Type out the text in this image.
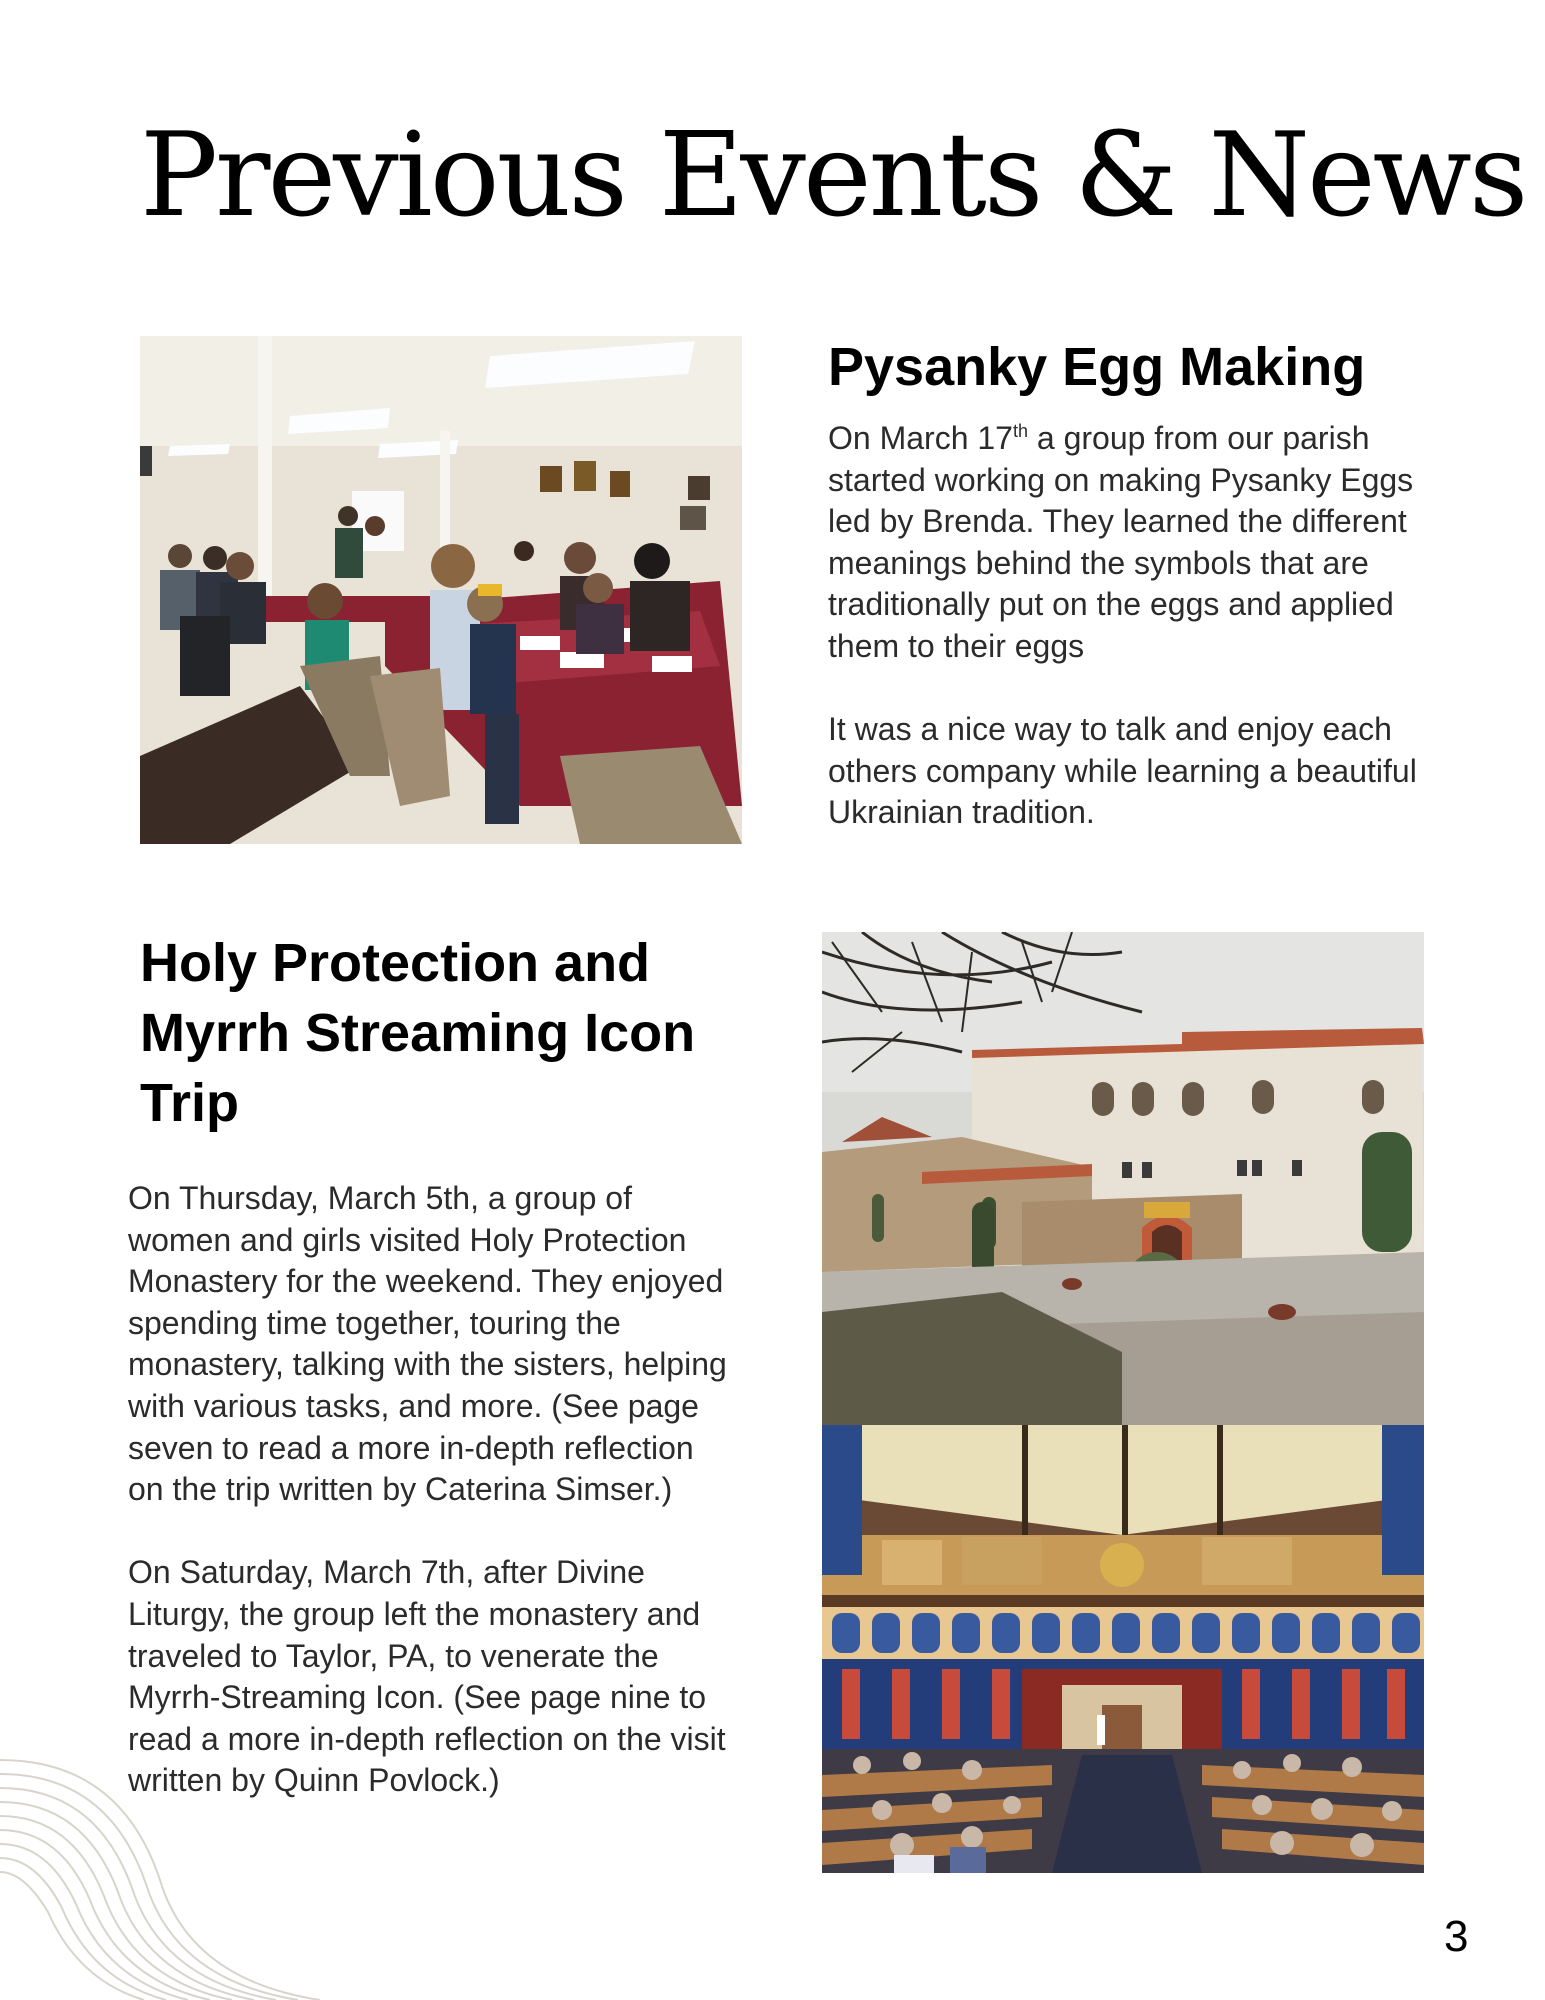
Previous Events & News
Pysanky Egg Making

On March 17th a group from our parish started working on making Pysanky Eggs led by Brenda. They learned the different meanings behind the symbols that are traditionally put on the eggs and applied them to their eggs

It was a nice way to talk and enjoy each others company while learning a beautiful Ukrainian tradition.

Holy Protection and Myrrh Streaming Icon Trip

On Thursday, March 5th, a group of women and girls visited Holy Protection Monastery for the weekend. They enjoyed spending time together, touring the monastery, talking with the sisters, helping with various tasks, and more. (See page seven to read a more in-depth reflection on the trip written by Caterina Simser.)

On Saturday, March 7th, after Divine Liturgy, the group left the monastery and traveled to Taylor, PA, to venerate the Myrrh-Streaming Icon. (See page nine to read a more in-depth reflection on the visit written by Quinn Povlock.)

3
